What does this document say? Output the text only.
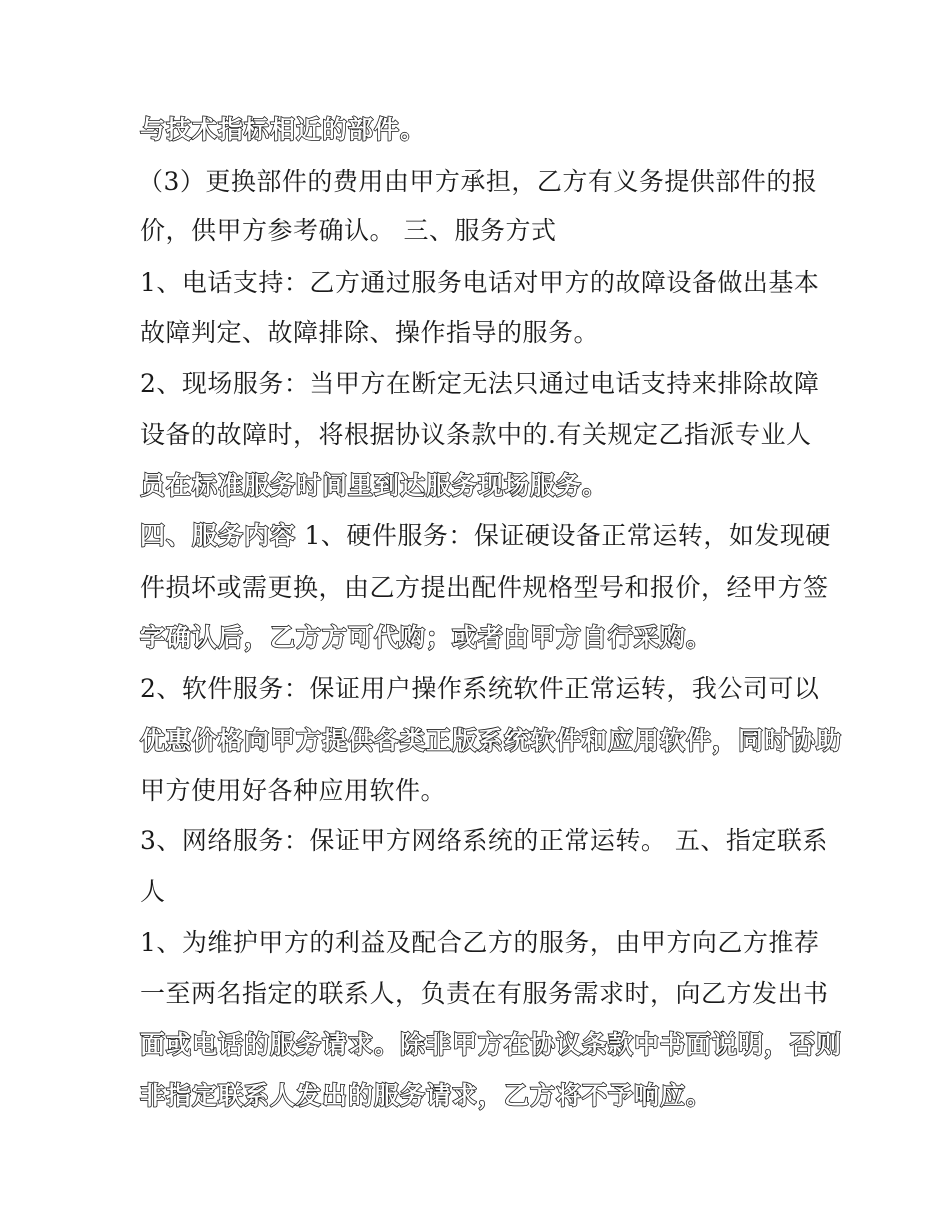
与技术指标相近的部件。
（3）更换部件的费用由甲方承担，乙方有义务提供部件的报
价，供甲方参考确认。 三、服务方式
1、电话支持：乙方通过服务电话对甲方的故障设备做出基本
故障判定、故障排除、操作指导的服务。
2、现场服务：当甲方在断定无法只通过电话支持来排除故障
设备的故障时，将根据协议条款中的.有关规定乙指派专业人
员在标准服务时间里到达服务现场服务。
四、服务内容 1、硬件服务：保证硬设备正常运转，如发现硬
件损坏或需更换，由乙方提出配件规格型号和报价，经甲方签
字确认后，乙方方可代购；或者由甲方自行采购。
2、软件服务：保证用户操作系统软件正常运转，我公司可以
优惠价格向甲方提供各类正版系统软件和应用软件，同时协助
甲方使用好各种应用软件。
3、网络服务：保证甲方网络系统的正常运转。 五、指定联系
人
1、为维护甲方的利益及配合乙方的服务，由甲方向乙方推荐
一至两名指定的联系人，负责在有服务需求时，向乙方发出书
面或电话的服务请求。除非甲方在协议条款中书面说明，否则
非指定联系人发出的服务请求，乙方将不予响应。
